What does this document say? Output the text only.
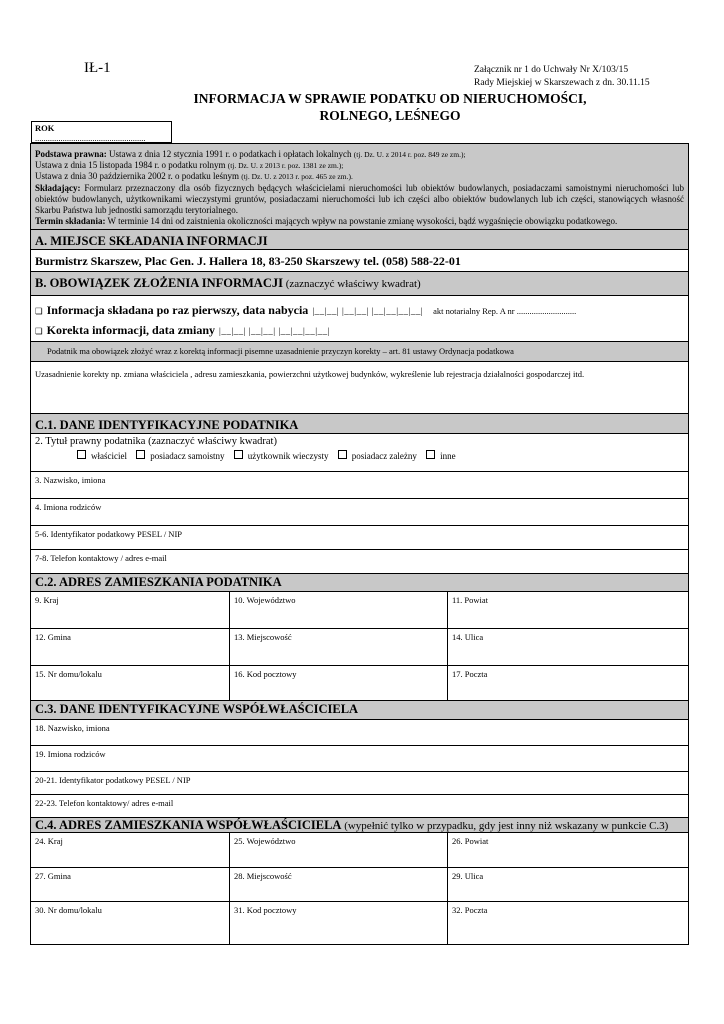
IŁ-1	Załącznik nr 1 do Uchwały Nr X/103/15
Rady Miejskiej w Skarszewach z dn. 30.11.15
INFORMACJA W SPRAWIE PODATKU OD NIERUCHOMOŚCI,
ROLNEGO, LEŚNEGO
ROK
....................................................
Podstawa prawna: Ustawa z dnia 12 stycznia 1991 r. o podatkach i opłatach lokalnych (tj. Dz. U. z 2014 r. poz. 849 ze zm.);
Ustawa z dnia 15 listopada 1984 r. o podatku rolnym (tj. Dz. U. z 2013 r. poz. 1381 ze zm.);
Ustawa z dnia 30 października 2002 r. o podatku leśnym (tj. Dz. U. z 2013 r. poz. 465 ze zm.).
Składający: Formularz przeznaczony dla osób fizycznych będących właścicielami nieruchomości lub obiektów budowlanych, posiadaczami samoistnymi nieruchomości lub obiektów budowlanych, użytkownikami wieczystymi gruntów, posiadaczami nieruchomości lub ich części albo obiektów budowlanych lub ich części, stanowiących własność Skarbu Państwa lub jednostki samorządu terytorialnego.
Termin składania: W terminie 14 dni od zaistnienia okoliczności mających wpływ na powstanie zmianę wysokości, bądź wygaśnięcie obowiązku podatkowego.
A. MIEJSCE SKŁADANIA INFORMACJI
Burmistrz Skarszew, Plac Gen. J. Hallera 18, 83-250 Skarszewy tel. (058) 588-22-01
B. OBOWIĄZEK ZŁOŻENIA INFORMACJI (zaznaczyć właściwy kwadrat)
❏ Informacja składana po raz pierwszy, data nabycia |__|__| |__|__| |__|__|__|__| akt notarialny Rep. A nr ............................
❏ Korekta informacji, data zmiany |__|__| |__|__| |__|__|__|__|
Podatnik ma obowiązek złożyć wraz z korektą informacji pisemne uzasadnienie przyczyn korekty – art. 81 ustawy Ordynacja podatkowa
Uzasadnienie korekty np. zmiana właściciela , adresu zamieszkania, powierzchni użytkowej budynków, wykreślenie lub rejestracja działalności gospodarczej itd.
C.1. DANE IDENTYFIKACYJNE PODATNIKA
2. Tytuł prawny podatnika (zaznaczyć właściwy kwadrat)
właściciel	posiadacz samoistny	użytkownik wieczysty	posiadacz zależny	inne
3. Nazwisko, imiona
4. Imiona rodziców
5-6. Identyfikator podatkowy PESEL / NIP
7-8. Telefon kontaktowy / adres e-mail
C.2. ADRES ZAMIESZKANIA PODATNIKA
9. Kraj	10. Województwo	11. Powiat
12. Gmina	13. Miejscowość	14. Ulica
15. Nr domu/lokalu	16. Kod pocztowy	17. Poczta
C.3. DANE IDENTYFIKACYJNE WSPÓŁWŁAŚCICIELA
18. Nazwisko, imiona
19. Imiona rodziców
20-21. Identyfikator podatkowy PESEL / NIP
22-23. Telefon kontaktowy/ adres e-mail
C.4. ADRES ZAMIESZKANIA WSPÓŁWŁAŚCICIELA (wypełnić tylko w przypadku, gdy jest inny niż wskazany w punkcie C.3)
24. Kraj	25. Województwo	26. Powiat
27. Gmina	28. Miejscowość	29. Ulica
30. Nr domu/lokalu	31. Kod pocztowy	32. Poczta
